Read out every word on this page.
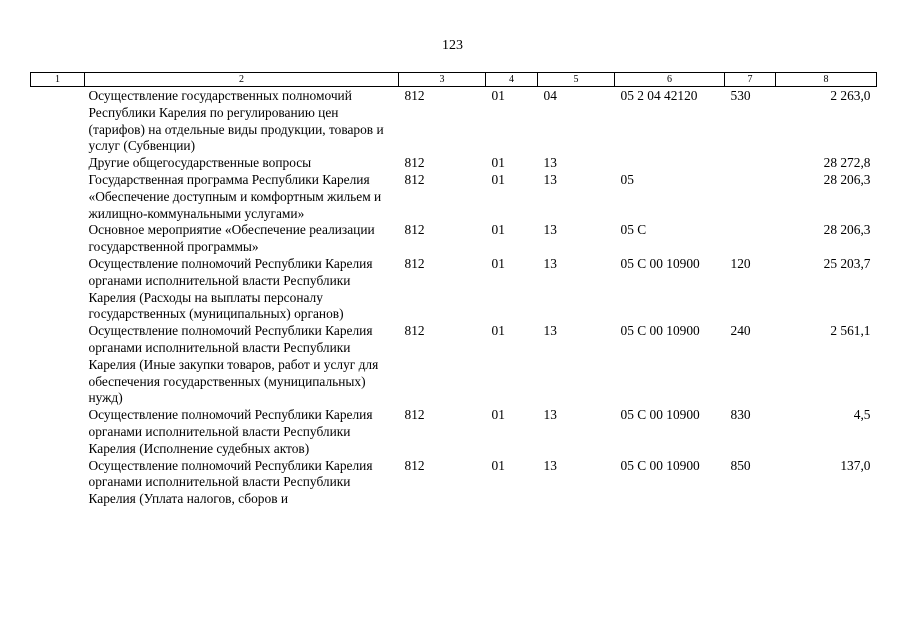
123
1	2	3	4	5	6	7	8
	Осуществление государственных полномочий Республики Карелия по регулированию цен (тарифов) на отдельные виды продукции, товаров и услуг (Субвенции)	812	01	04	05 2 04 42120	530	2 263,0
	Другие общегосударственные вопросы	812	01	13			28 272,8
	Государственная программа Республики Карелия «Обеспечение доступным и комфортным жильем и жилищно-коммунальными услугами»	812	01	13	05		28 206,3
	Основное мероприятие «Обеспечение реализации государственной программы»	812	01	13	05 С		28 206,3
	Осуществление полномочий Республики Карелия органами исполнительной власти Республики Карелия (Расходы на выплаты персоналу государственных (муниципальных) органов)	812	01	13	05 С 00 10900	120	25 203,7
	Осуществление полномочий Республики Карелия органами исполнительной власти Республики Карелия (Иные закупки товаров, работ и услуг для обеспечения государственных (муниципальных) нужд)	812	01	13	05 С 00 10900	240	2 561,1
	Осуществление полномочий Республики Карелия органами исполнительной власти Республики Карелия (Исполнение судебных актов)	812	01	13	05 С 00 10900	830	4,5
	Осуществление полномочий Республики Карелия органами исполнительной власти Республики Карелия (Уплата налогов, сборов и	812	01	13	05 С 00 10900	850	137,0
